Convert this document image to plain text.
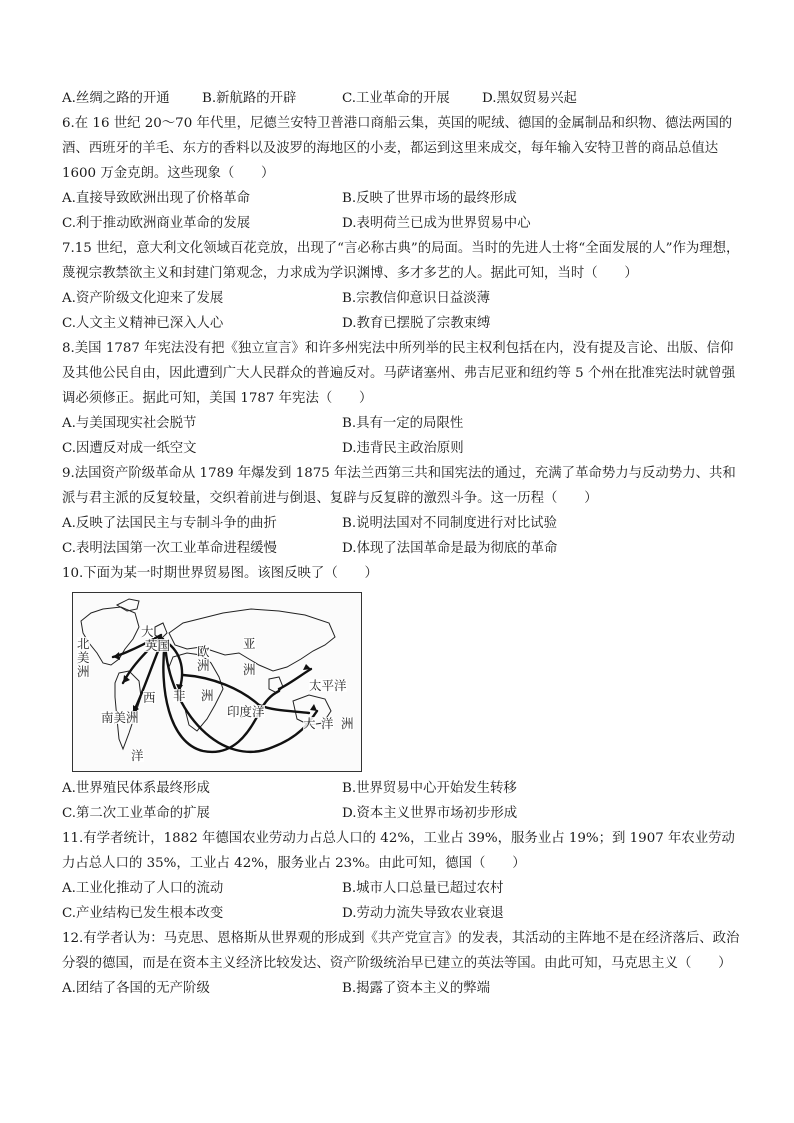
A.丝绸之路的开通	B.新航路的开辟	C.工业革命的开展	D.黑奴贸易兴起
6.在 16 世纪 20～70 年代里，尼德兰安特卫普港口商船云集，英国的呢绒、德国的金属制品和织物、德法两国的酒、西班牙的羊毛、东方的香料以及波罗的海地区的小麦，都运到这里来成交，每年输入安特卫普的商品总值达 1600 万金克朗。这些现象（　　）
A.直接导致欧洲出现了价格革命	B.反映了世界市场的最终形成
C.利于推动欧洲商业革命的发展	D.表明荷兰已成为世界贸易中心
7.15 世纪，意大利文化领域百花竞放，出现了“言必称古典”的局面。当时的先进人士将“全面发展的人”作为理想，蔑视宗教禁欲主义和封建门第观念，力求成为学识渊博、多才多艺的人。据此可知，当时（　　）
A.资产阶级文化迎来了发展	B.宗教信仰意识日益淡薄
C.人文主义精神已深入人心	D.教育已摆脱了宗教束缚
8.美国 1787 年宪法没有把《独立宣言》和许多州宪法中所列举的民主权利包括在内，没有提及言论、出版、信仰及其他公民自由，因此遭到广大人民群众的普遍反对。马萨诸塞州、弗吉尼亚和纽约等 5 个州在批准宪法时就曾强调必须修正。据此可知，美国 1787 年宪法（　　）
A.与美国现实社会脱节	B.具有一定的局限性
C.因遭反对成一纸空文	D.违背民主政治原则
9.法国资产阶级革命从 1789 年爆发到 1875 年法兰西第三共和国宪法的通过，充满了革命势力与反动势力、共和派与君主派的反复较量，交织着前进与倒退、复辟与反复辟的激烈斗争。这一历程（　　）
A.反映了法国民主与专制斗争的曲折	B.说明法国对不同制度进行对比试验
C.表明法国第一次工业革命进程缓慢	D.体现了法国革命是最为彻底的革命
10.下面为某一时期世界贸易图。该图反映了（　　）
北
美
洲
大
英国 欧
洲
亚
洲
西 非 洲
太平洋
南美洲	印度洋
大 洋 洲
洋
A.世界殖民体系最终形成	B.世界贸易中心开始发生转移
C.第二次工业革命的扩展	D.资本主义世界市场初步形成
11.有学者统计，1882 年德国农业劳动力占总人口的 42%，工业占 39%，服务业占 19%；到 1907 年农业劳动力占总人口的 35%，工业占 42%，服务业占 23%。由此可知，德国（　　）
A.工业化推动了人口的流动	B.城市人口总量已超过农村
C.产业结构已发生根本改变	D.劳动力流失导致农业衰退
12.有学者认为：马克思、恩格斯从世界观的形成到《共产党宣言》的发表，其活动的主阵地不是在经济落后、政治分裂的德国，而是在资本主义经济比较发达、资产阶级统治早已建立的英法等国。由此可知，马克思主义（　　）
A.团结了各国的无产阶级	B.揭露了资本主义的弊端
